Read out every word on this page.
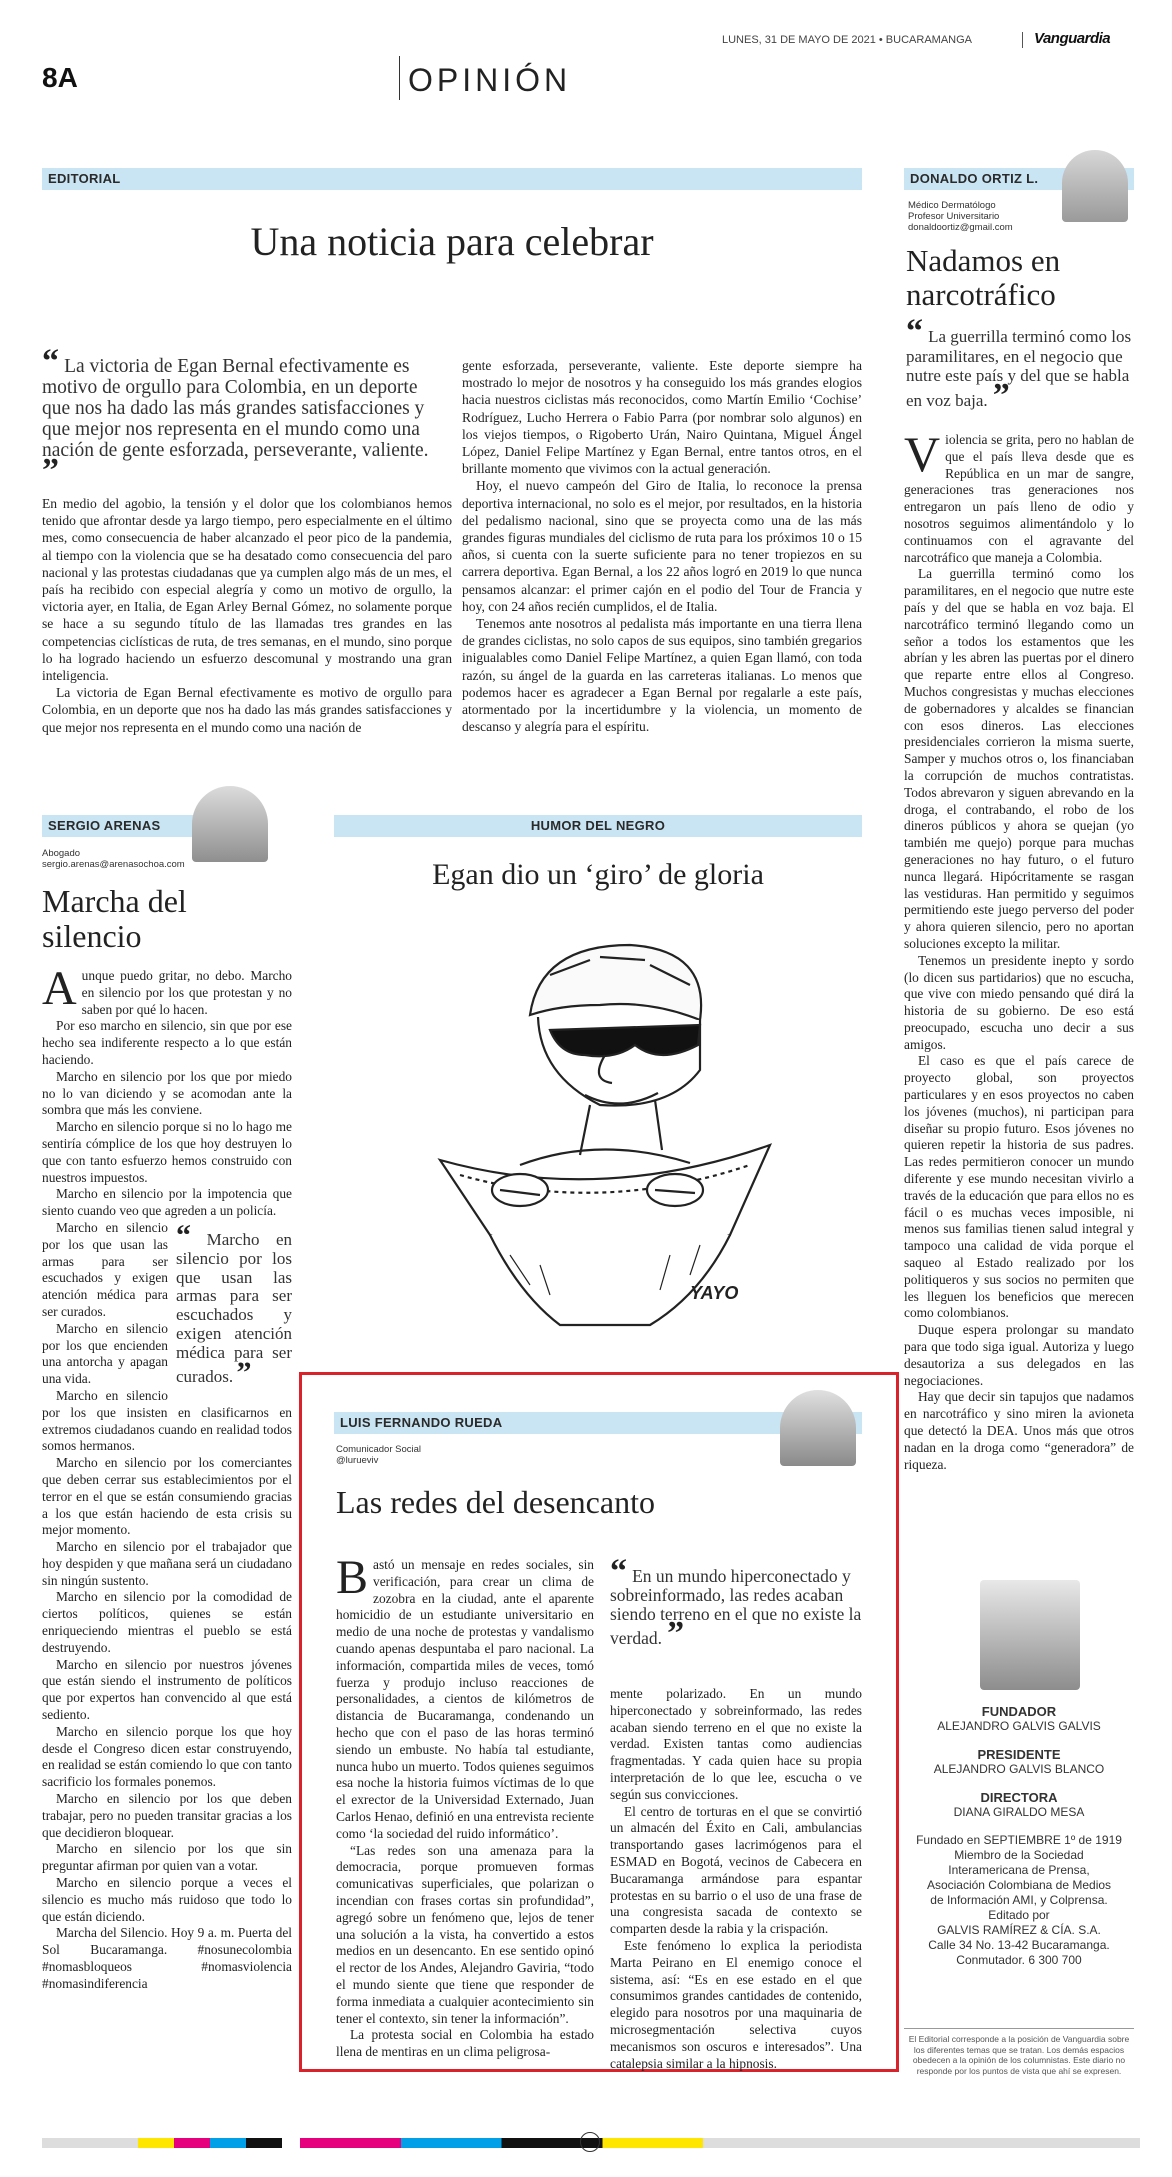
LUNES, 31 DE MAYO DE 2021 • BUCARAMANGA	Vanguardia
8A	OPINIÓN
EDITORIAL
Una noticia para celebrar
“ La victoria de Egan Bernal efectivamente es motivo de orgullo para Colombia, en un deporte que nos ha dado las más grandes satisfacciones y que mejor nos representa en el mundo como una nación de gente esforzada, perseverante, valiente. ”

En medio del agobio, la tensión y el dolor que los colombianos hemos tenido que afrontar desde ya largo tiempo, pero especialmente en el último mes, como consecuencia de haber alcanzado el peor pico de la pandemia, al tiempo con la violencia que se ha desatado como consecuencia del paro nacional y las protestas ciudadanas que ya cumplen algo más de un mes, el país ha recibido con especial alegría y como un motivo de orgullo, la victoria ayer, en Italia, de Egan Arley Bernal Gómez, no solamente porque se hace a su segundo título de las llamadas tres grandes en las competencias ciclísticas de ruta, de tres semanas, en el mundo, sino porque lo ha logrado haciendo un esfuerzo descomunal y mostrando una gran inteligencia.

La victoria de Egan Bernal efectivamente es motivo de orgullo para Colombia, en un deporte que nos ha dado las más grandes satisfacciones y que mejor nos representa en el mundo como una nación de

gente esforzada, perseverante, valiente. Este deporte siempre ha mostrado lo mejor de nosotros y ha conseguido los más grandes elogios hacia nuestros ciclistas más reconocidos, como Martín Emilio ‘Cochise’ Rodríguez, Lucho Herrera o Fabio Parra (por nombrar solo algunos) en los viejos tiempos, o Rigoberto Urán, Nairo Quintana, Miguel Ángel López, Daniel Felipe Martínez y Egan Bernal, entre tantos otros, en el brillante momento que vivimos con la actual generación.

Hoy, el nuevo campeón del Giro de Italia, lo reconoce la prensa deportiva internacional, no solo es el mejor, por resultados, en la historia del pedalismo nacional, sino que se proyecta como una de las más grandes figuras mundiales del ciclismo de ruta para los próximos 10 o 15 años, si cuenta con la suerte suficiente para no tener tropiezos en su carrera deportiva. Egan Bernal, a los 22 años logró en 2019 lo que nunca pensamos alcanzar: el primer cajón en el podio del Tour de Francia y hoy, con 24 años recién cumplidos, el de Italia.

Tenemos ante nosotros al pedalista más importante en una tierra llena de grandes ciclistas, no solo capos de sus equipos, sino también gregarios inigualables como Daniel Felipe Martínez, a quien Egan llamó, con toda razón, su ángel de la guarda en las carreteras italianas. Lo menos que podemos hacer es agradecer a Egan Bernal por regalarle a este país, atormentado por la incertidumbre y la violencia, un momento de descanso y alegría para el espíritu.

DONALDO ORTIZ L.
Médico Dermatólogo
Profesor Universitario
donaldoortiz@gmail.com
Nadamos en narcotráfico
“ La guerrilla terminó como los paramilitares, en el negocio que nutre este país y del que se habla en voz baja. ”

Violencia se grita, pero no hablan de que el país lleva desde que es República en un mar de sangre, generaciones tras generaciones nos entregaron un país lleno de odio y nosotros seguimos alimentándolo y lo continuamos con el agravante del narcotráfico que maneja a Colombia.

La guerrilla terminó como los paramilitares, en el negocio que nutre este país y del que se habla en voz baja. El narcotráfico terminó llegando como un señor a todos los estamentos que les abrían y les abren las puertas por el dinero que reparte entre ellos al Congreso. Muchos congresistas y muchas elecciones de gobernadores y alcaldes se financian con esos dineros. Las elecciones presidenciales corrieron la misma suerte, Samper y muchos otros o, los financiaban la corrupción de muchos contratistas. Todos abrevaron y siguen abrevando en la droga, el contrabando, el robo de los dineros públicos y ahora se quejan (yo también me quejo) porque para muchas generaciones no hay futuro, o el futuro nunca llegará. Hipócritamente se rasgan las vestiduras. Han permitido y seguimos permitiendo este juego perverso del poder y ahora quieren silencio, pero no aportan soluciones excepto la militar.

Tenemos un presidente inepto y sordo (lo dicen sus partidarios) que no escucha, que vive con miedo pensando qué dirá la historia de su gobierno. De eso está preocupado, escucha uno decir a sus amigos.

El caso es que el país carece de proyecto global, son proyectos particulares y en esos proyectos no caben los jóvenes (muchos), ni participan para diseñar su propio futuro. Esos jóvenes no quieren repetir la historia de sus padres. Las redes permitieron conocer un mundo diferente y ese mundo necesitan vivirlo a través de la educación que para ellos no es fácil o es muchas veces imposible, ni menos sus familias tienen salud integral y tampoco una calidad de vida porque el saqueo al Estado realizado por los politiqueros y sus socios no permiten que les lleguen los beneficios que merecen como colombianos.

Duque espera prolongar su mandato para que todo siga igual. Autoriza y luego desautoriza a sus delegados en las negociaciones.

Hay que decir sin tapujos que nadamos en narcotráfico y sino miren la avioneta que detectó la DEA. Unos más que otros nadan en la droga como “generadora” de riqueza.

FUNDADOR
ALEJANDRO GALVIS GALVIS
PRESIDENTE
ALEJANDRO GALVIS BLANCO
DIRECTORA
DIANA GIRALDO MESA
Fundado en SEPTIEMBRE 1º de 1919
Miembro de la Sociedad
Interamericana de Prensa,
Asociación Colombiana de Medios
de Información AMI, y Colprensa.
Editado por
GALVIS RAMÍREZ & CÍA. S.A.
Calle 34 No. 13-42 Bucaramanga.
Conmutador. 6 300 700
El Editorial corresponde a la posición de Vanguardia sobre los diferentes temas que se tratan. Los demás espacios obedecen a la opinión de los columnistas. Este diario no responde por los puntos de vista que ahí se expresen.
SERGIO ARENAS
Abogado
sergio.arenas@arenasochoa.com
Marcha del silencio

Aunque puedo gritar, no debo. Marcho en silencio por los que protestan y no saben por qué lo hacen.

Por eso marcho en silencio, sin que por ese hecho sea indiferente respecto a lo que están haciendo.

Marcho en silencio por los que por miedo no lo van diciendo y se acomodan ante la sombra que más les conviene.

Marcho en silencio porque si no lo hago me sentiría cómplice de los que hoy destruyen lo que con tanto esfuerzo hemos construido con nuestros impuestos.

Marcho en silencio por la impotencia que siento cuando veo que agreden a un policía.

“ Marcho en silencio por los que usan las armas para ser escuchados y exigen atención médica para ser curados. ”

Marcho en silencio por los que usan las armas para ser escuchados y exigen atención médica para ser curados.

Marcho en silencio por los que encienden una antorcha y apagan una vida.

Marcho en silencio por los que insisten en clasificarnos en extremos ciudadanos cuando en realidad todos somos hermanos.

Marcho en silencio por los comerciantes que deben cerrar sus establecimientos por el terror en el que se están consumiendo gracias a los que están haciendo de esta crisis su mejor momento.

Marcho en silencio por el trabajador que hoy despiden y que mañana será un ciudadano sin ningún sustento.

Marcho en silencio por la comodidad de ciertos políticos, quienes se están enriqueciendo mientras el pueblo se está destruyendo.

Marcho en silencio por nuestros jóvenes que están siendo el instrumento de políticos que por expertos han convencido al que está sediento.

Marcho en silencio porque los que hoy desde el Congreso dicen estar construyendo, en realidad se están comiendo lo que con tanto sacrificio los formales ponemos.

Marcho en silencio por los que deben trabajar, pero no pueden transitar gracias a los que decidieron bloquear.

Marcho en silencio por los que sin preguntar afirman por quien van a votar.

Marcho en silencio porque a veces el silencio es mucho más ruidoso que todo lo que están diciendo.

Marcha del Silencio. Hoy 9 a. m. Puerta del Sol Bucaramanga. #nosunecolombia #nomasbloqueos #nomasviolencia #nomasindiferencia

HUMOR DEL NEGRO
Egan dio un ‘giro’ de gloria
YAYO
LUIS FERNANDO RUEDA
Comunicador Social
@lurueviv
Las redes del desencanto

Bastó un mensaje en redes sociales, sin verificación, para crear un clima de zozobra en la ciudad, ante el aparente homicidio de un estudiante universitario en medio de una noche de protestas y vandalismo cuando apenas despuntaba el paro nacional. La información, compartida miles de veces, tomó fuerza y produjo incluso reacciones de personalidades, a cientos de kilómetros de distancia de Bucaramanga, condenando un hecho que con el paso de las horas terminó siendo un embuste. No había tal estudiante, nunca hubo un muerto. Todos quienes seguimos esa noche la historia fuimos víctimas de lo que el exrector de la Universidad Externado, Juan Carlos Henao, definió en una entrevista reciente como ‘la sociedad del ruido informático’.

“Las redes son una amenaza para la democracia, porque promueven formas comunicativas superficiales, que polarizan o incendian con frases cortas sin profundidad”, agregó sobre un fenómeno que, lejos de tener una solución a la vista, ha convertido a estos medios en un desencanto. En ese sentido opinó el rector de los Andes, Alejandro Gaviria, “todo el mundo siente que tiene que responder de forma inmediata a cualquier acontecimiento sin tener el contexto, sin tener la información”.

La protesta social en Colombia ha estado llena de mentiras en un clima peligrosa-

“ En un mundo hiperconectado y sobreinformado, las redes acaban siendo terreno en el que no existe la verdad. ”

mente polarizado. En un mundo hiperconectado y sobreinformado, las redes acaban siendo terreno en el que no existe la verdad. Existen tantas como audiencias fragmentadas. Y cada quien hace su propia interpretación de lo que lee, escucha o ve según sus convicciones.

El centro de torturas en el que se convirtió un almacén del Éxito en Cali, ambulancias transportando gases lacrimógenos para el ESMAD en Bogotá, vecinos de Cabecera en Bucaramanga armándose para espantar protestas en su barrio o el uso de una frase de una congresista sacada de contexto se comparten desde la rabia y la crispación.

Este fenómeno lo explica la periodista Marta Peirano en El enemigo conoce el sistema, así: “Es en ese estado en el que consumimos grandes cantidades de contenido, elegido para nosotros por una maquinaria de microsegmentación selectiva cuyos mecanismos son oscuros e interesados”. Una catalepsia similar a la hipnosis.
